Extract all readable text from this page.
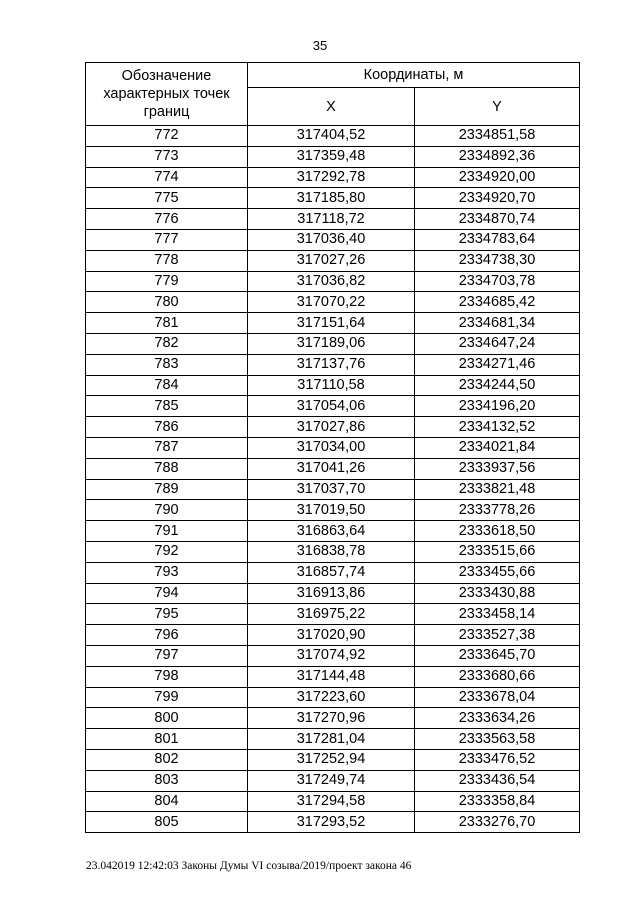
35
Обозначение
характерных точек
границ	Координаты, м	
	X	Y
772	317404,52	2334851,58
773	317359,48	2334892,36
774	317292,78	2334920,00
775	317185,80	2334920,70
776	317118,72	2334870,74
777	317036,40	2334783,64
778	317027,26	2334738,30
779	317036,82	2334703,78
780	317070,22	2334685,42
781	317151,64	2334681,34
782	317189,06	2334647,24
783	317137,76	2334271,46
784	317110,58	2334244,50
785	317054,06	2334196,20
786	317027,86	2334132,52
787	317034,00	2334021,84
788	317041,26	2333937,56
789	317037,70	2333821,48
790	317019,50	2333778,26
791	316863,64	2333618,50
792	316838,78	2333515,66
793	316857,74	2333455,66
794	316913,86	2333430,88
795	316975,22	2333458,14
796	317020,90	2333527,38
797	317074,92	2333645,70
798	317144,48	2333680,66
799	317223,60	2333678,04
800	317270,96	2333634,26
801	317281,04	2333563,58
802	317252,94	2333476,52
803	317249,74	2333436,54
804	317294,58	2333358,84
805	317293,52	2333276,70
23.042019 12:42:03 Законы Думы VI созыва/2019/проект закона 46
